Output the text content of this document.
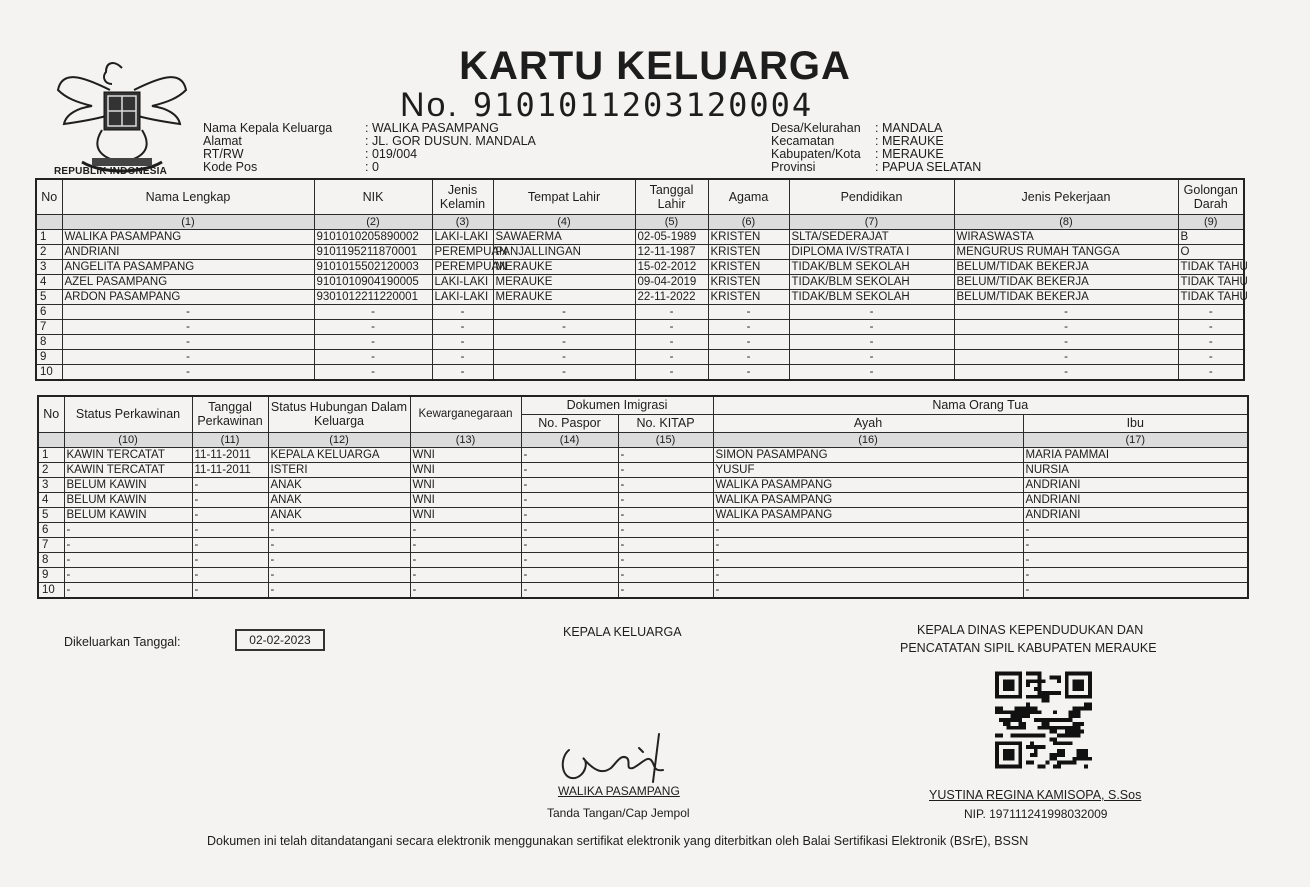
REPUBLIK INDONESIA
KARTU KELUARGA
No. 9101011203120004
Nama Kepala Keluarga	: WALIKA PASAMPANG
Alamat	: JL. GOR DUSUN. MANDALA
RT/RW	: 019/004
Kode Pos	: 0
Desa/Kelurahan : MANDALA
Kecamatan	: MERAUKE
Kabupaten/Kota : MERAUKE
Provinsi	: PAPUA SELATAN
No	Nama Lengkap	NIK	Jenis Kelamin	Tempat Lahir	Tanggal Lahir	Agama	Pendidikan	Jenis Pekerjaan	Golongan Darah
	(1)	(2)	(3)	(4)	(5)	(6)	(7)	(8)	(9)
1	WALIKA PASAMPANG	9101010205890002	LAKI-LAKI	SAWAERMA	02-05-1989	KRISTEN	SLTA/SEDERAJAT	WIRASWASTA	B
2	ANDRIANI	9101195211870001	PEREMPUAN	PANJALLINGAN	12-11-1987	KRISTEN	DIPLOMA IV/STRATA I	MENGURUS RUMAH TANGGA	O
3	ANGELITA PASAMPANG	9101015502120003	PEREMPUAN	MERAUKE	15-02-2012	KRISTEN	TIDAK/BLM SEKOLAH	BELUM/TIDAK BEKERJA	TIDAK TAHU
4	AZEL PASAMPANG	9101010904190005	LAKI-LAKI	MERAUKE	09-04-2019	KRISTEN	TIDAK/BLM SEKOLAH	BELUM/TIDAK BEKERJA	TIDAK TAHU
5	ARDON PASAMPANG	9301012211220001	LAKI-LAKI	MERAUKE	22-11-2022	KRISTEN	TIDAK/BLM SEKOLAH	BELUM/TIDAK BEKERJA	TIDAK TAHU
6	-	-	-	-	-	-	-	-	-
7	-	-	-	-	-	-	-	-	-
8	-	-	-	-	-	-	-	-	-
9	-	-	-	-	-	-	-	-	-
10	-	-	-	-	-	-	-	-	-
No	Status Perkawinan	Tanggal Perkawinan	Status Hubungan Dalam Keluarga	Kewarganegaraan	Dokumen Imigrasi		Nama Orang Tua	
					No. Paspor	No. KITAP	Ayah	Ibu
	(10)	(11)	(12)	(13)	(14)	(15)	(16)	(17)
1	KAWIN TERCATAT	11-11-2011	KEPALA KELUARGA	WNI	-	-	SIMON PASAMPANG	MARIA PAMMAI
2	KAWIN TERCATAT	11-11-2011	ISTERI	WNI	-	-	YUSUF	NURSIA
3	BELUM KAWIN	-	ANAK	WNI	-	-	WALIKA PASAMPANG	ANDRIANI
4	BELUM KAWIN	-	ANAK	WNI	-	-	WALIKA PASAMPANG	ANDRIANI
5	BELUM KAWIN	-	ANAK	WNI	-	-	WALIKA PASAMPANG	ANDRIANI
6	-	-	-	-	-	-	-	-
7	-	-	-	-	-	-	-	-
8	-	-	-	-	-	-	-	-
9	-	-	-	-	-	-	-	-
10	-	-	-	-	-	-	-	-
Dikeluarkan Tanggal:	02-02-2023
KEPALA KELUARGA	KEPALA DINAS KEPENDUDUKAN DAN
PENCATATAN SIPIL KABUPATEN MERAUKE
WALIKA PASAMPANG
Tanda Tangan/Cap Jempol
YUSTINA REGINA KAMISOPA, S.Sos
NIP. 197111241998032009
Dokumen ini telah ditandatangani secara elektronik menggunakan sertifikat elektronik yang diterbitkan oleh Balai Sertifikasi Elektronik (BSrE), BSSN
